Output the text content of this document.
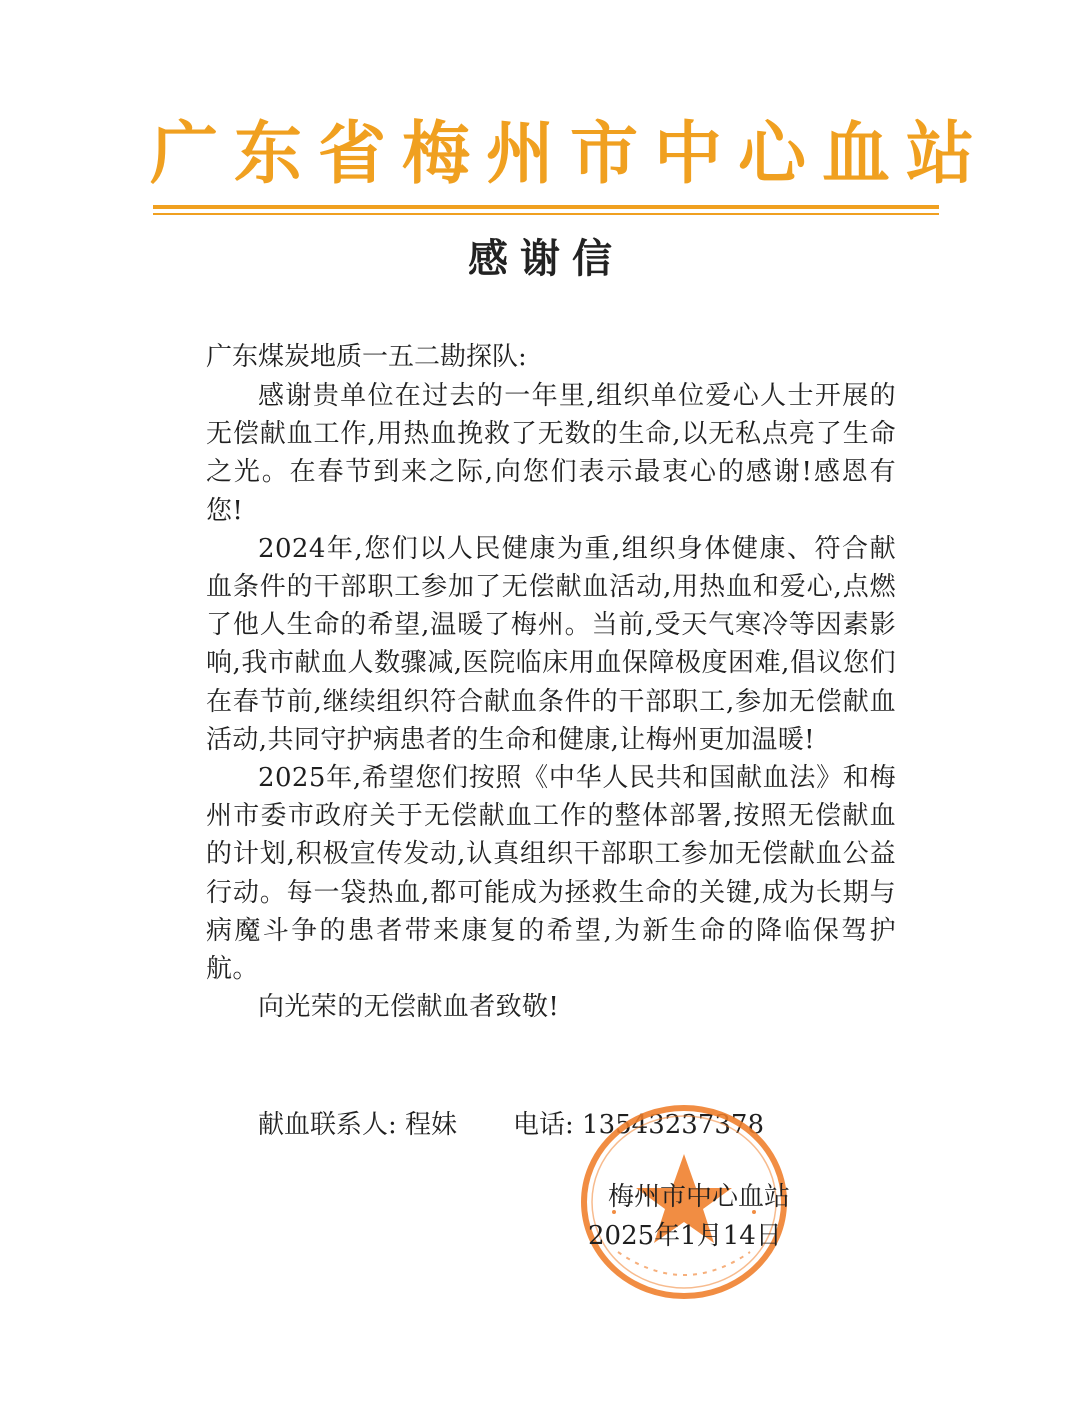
广东省梅州市中心血站
感谢信
广东煤炭地质一五二勘探队:

感谢贵单位在过去的一年里,组织单位爱心人士开展的无偿献血工作,用热血挽救了无数的生命,以无私点亮了生命之光。在春节到来之际,向您们表示最衷心的感谢!感恩有您!

2024年,您们以人民健康为重,组织身体健康、符合献血条件的干部职工参加了无偿献血活动,用热血和爱心,点燃了他人生命的希望,温暖了梅州。当前,受天气寒冷等因素影响,我市献血人数骤减,医院临床用血保障极度困难,倡议您们在春节前,继续组织符合献血条件的干部职工,参加无偿献血活动,共同守护病患者的生命和健康,让梅州更加温暖!

2025年,希望您们按照《中华人民共和国献血法》和梅州市委市政府关于无偿献血工作的整体部署,按照无偿献血的计划,积极宣传发动,认真组织干部职工参加无偿献血公益行动。每一袋热血,都可能成为拯救生命的关键,成为长期与病魔斗争的患者带来康复的希望,为新生命的降临保驾护航。

向光荣的无偿献血者致敬!

献血联系人: 程妹 电话: 13543237378
梅州市中心血站
2025年1月14日
